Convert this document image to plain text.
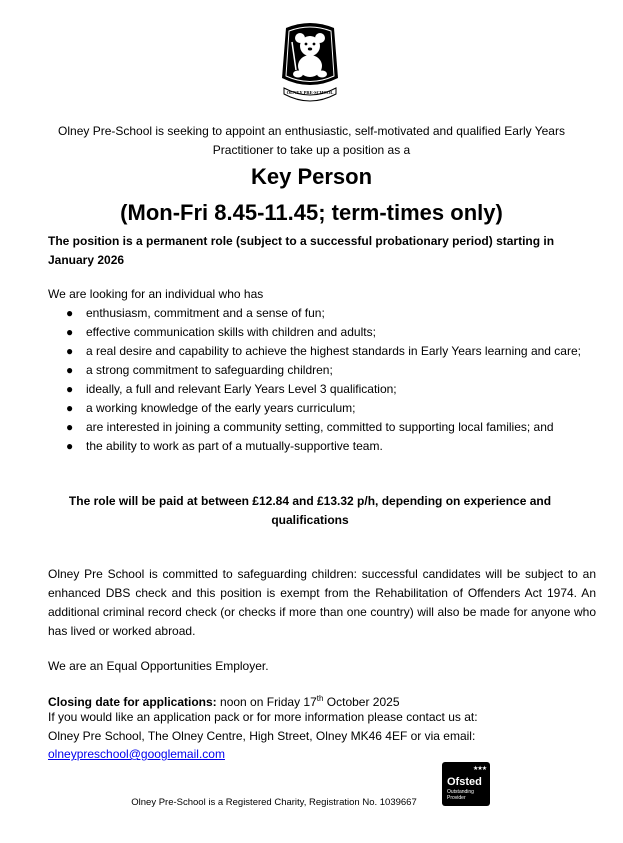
OLNEY PRE-SCHOOL
Olney Pre-School is seeking to appoint an enthusiastic, self-motivated and qualified Early Years
Practitioner to take up a position as a
Key Person
(Mon-Fri 8.45-11.45; term-times only)
The position is a permanent role (subject to a successful probationary period) starting in January 2026
We are looking for an individual who has
● enthusiasm, commitment and a sense of fun;
● effective communication skills with children and adults;
● a real desire and capability to achieve the highest standards in Early Years learning and care;
● a strong commitment to safeguarding children;
● ideally, a full and relevant Early Years Level 3 qualification;
● a working knowledge of the early years curriculum;
● are interested in joining a community setting, committed to supporting local families; and
● the ability to work as part of a mutually-supportive team.
The role will be paid at between £12.84 and £13.32 p/h, depending on experience and qualifications
Olney Pre School is committed to safeguarding children: successful candidates will be subject to an enhanced DBS check and this position is exempt from the Rehabilitation of Offenders Act 1974. An additional criminal record check (or checks if more than one country) will also be made for anyone who has lived or worked abroad.
We are an Equal Opportunities Employer.
Closing date for applications: noon on Friday 17th October 2025
If you would like an application pack or for more information please contact us at:
Olney Pre School, The Olney Centre, High Street, Olney MK46 4EF or via email:
olneypreschool@googlemail.com
Olney Pre-School is a Registered Charity, Registration No. 1039667
★★★
Ofsted
Outstanding
Provider
